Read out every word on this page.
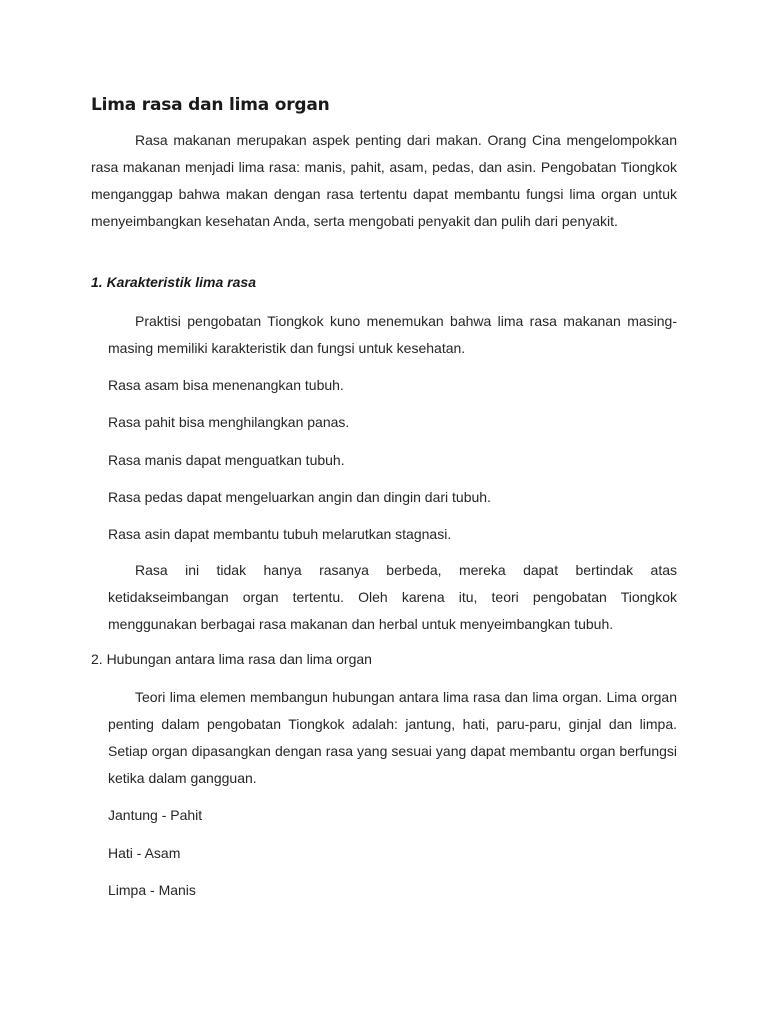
Lima rasa dan lima organ

Rasa makanan merupakan aspek penting dari makan. Orang Cina mengelompokkan rasa makanan menjadi lima rasa: manis, pahit, asam, pedas, dan asin. Pengobatan Tiongkok menganggap bahwa makan dengan rasa tertentu dapat membantu fungsi lima organ untuk menyeimbangkan kesehatan Anda, serta mengobati penyakit dan pulih dari penyakit.

1. Karakteristik lima rasa

Praktisi pengobatan Tiongkok kuno menemukan bahwa lima rasa makanan masing-masing memiliki karakteristik dan fungsi untuk kesehatan.

Rasa asam bisa menenangkan tubuh.

Rasa pahit bisa menghilangkan panas.

Rasa manis dapat menguatkan tubuh.

Rasa pedas dapat mengeluarkan angin dan dingin dari tubuh.

Rasa asin dapat membantu tubuh melarutkan stagnasi.

Rasa ini tidak hanya rasanya berbeda, mereka dapat bertindak atas ketidakseimbangan organ tertentu. Oleh karena itu, teori pengobatan Tiongkok menggunakan berbagai rasa makanan dan herbal untuk menyeimbangkan tubuh.

2. Hubungan antara lima rasa dan lima organ

Teori lima elemen membangun hubungan antara lima rasa dan lima organ. Lima organ penting dalam pengobatan Tiongkok adalah: jantung, hati, paru-paru, ginjal dan limpa. Setiap organ dipasangkan dengan rasa yang sesuai yang dapat membantu organ berfungsi ketika dalam gangguan.

Jantung - Pahit

Hati - Asam

Limpa - Manis
